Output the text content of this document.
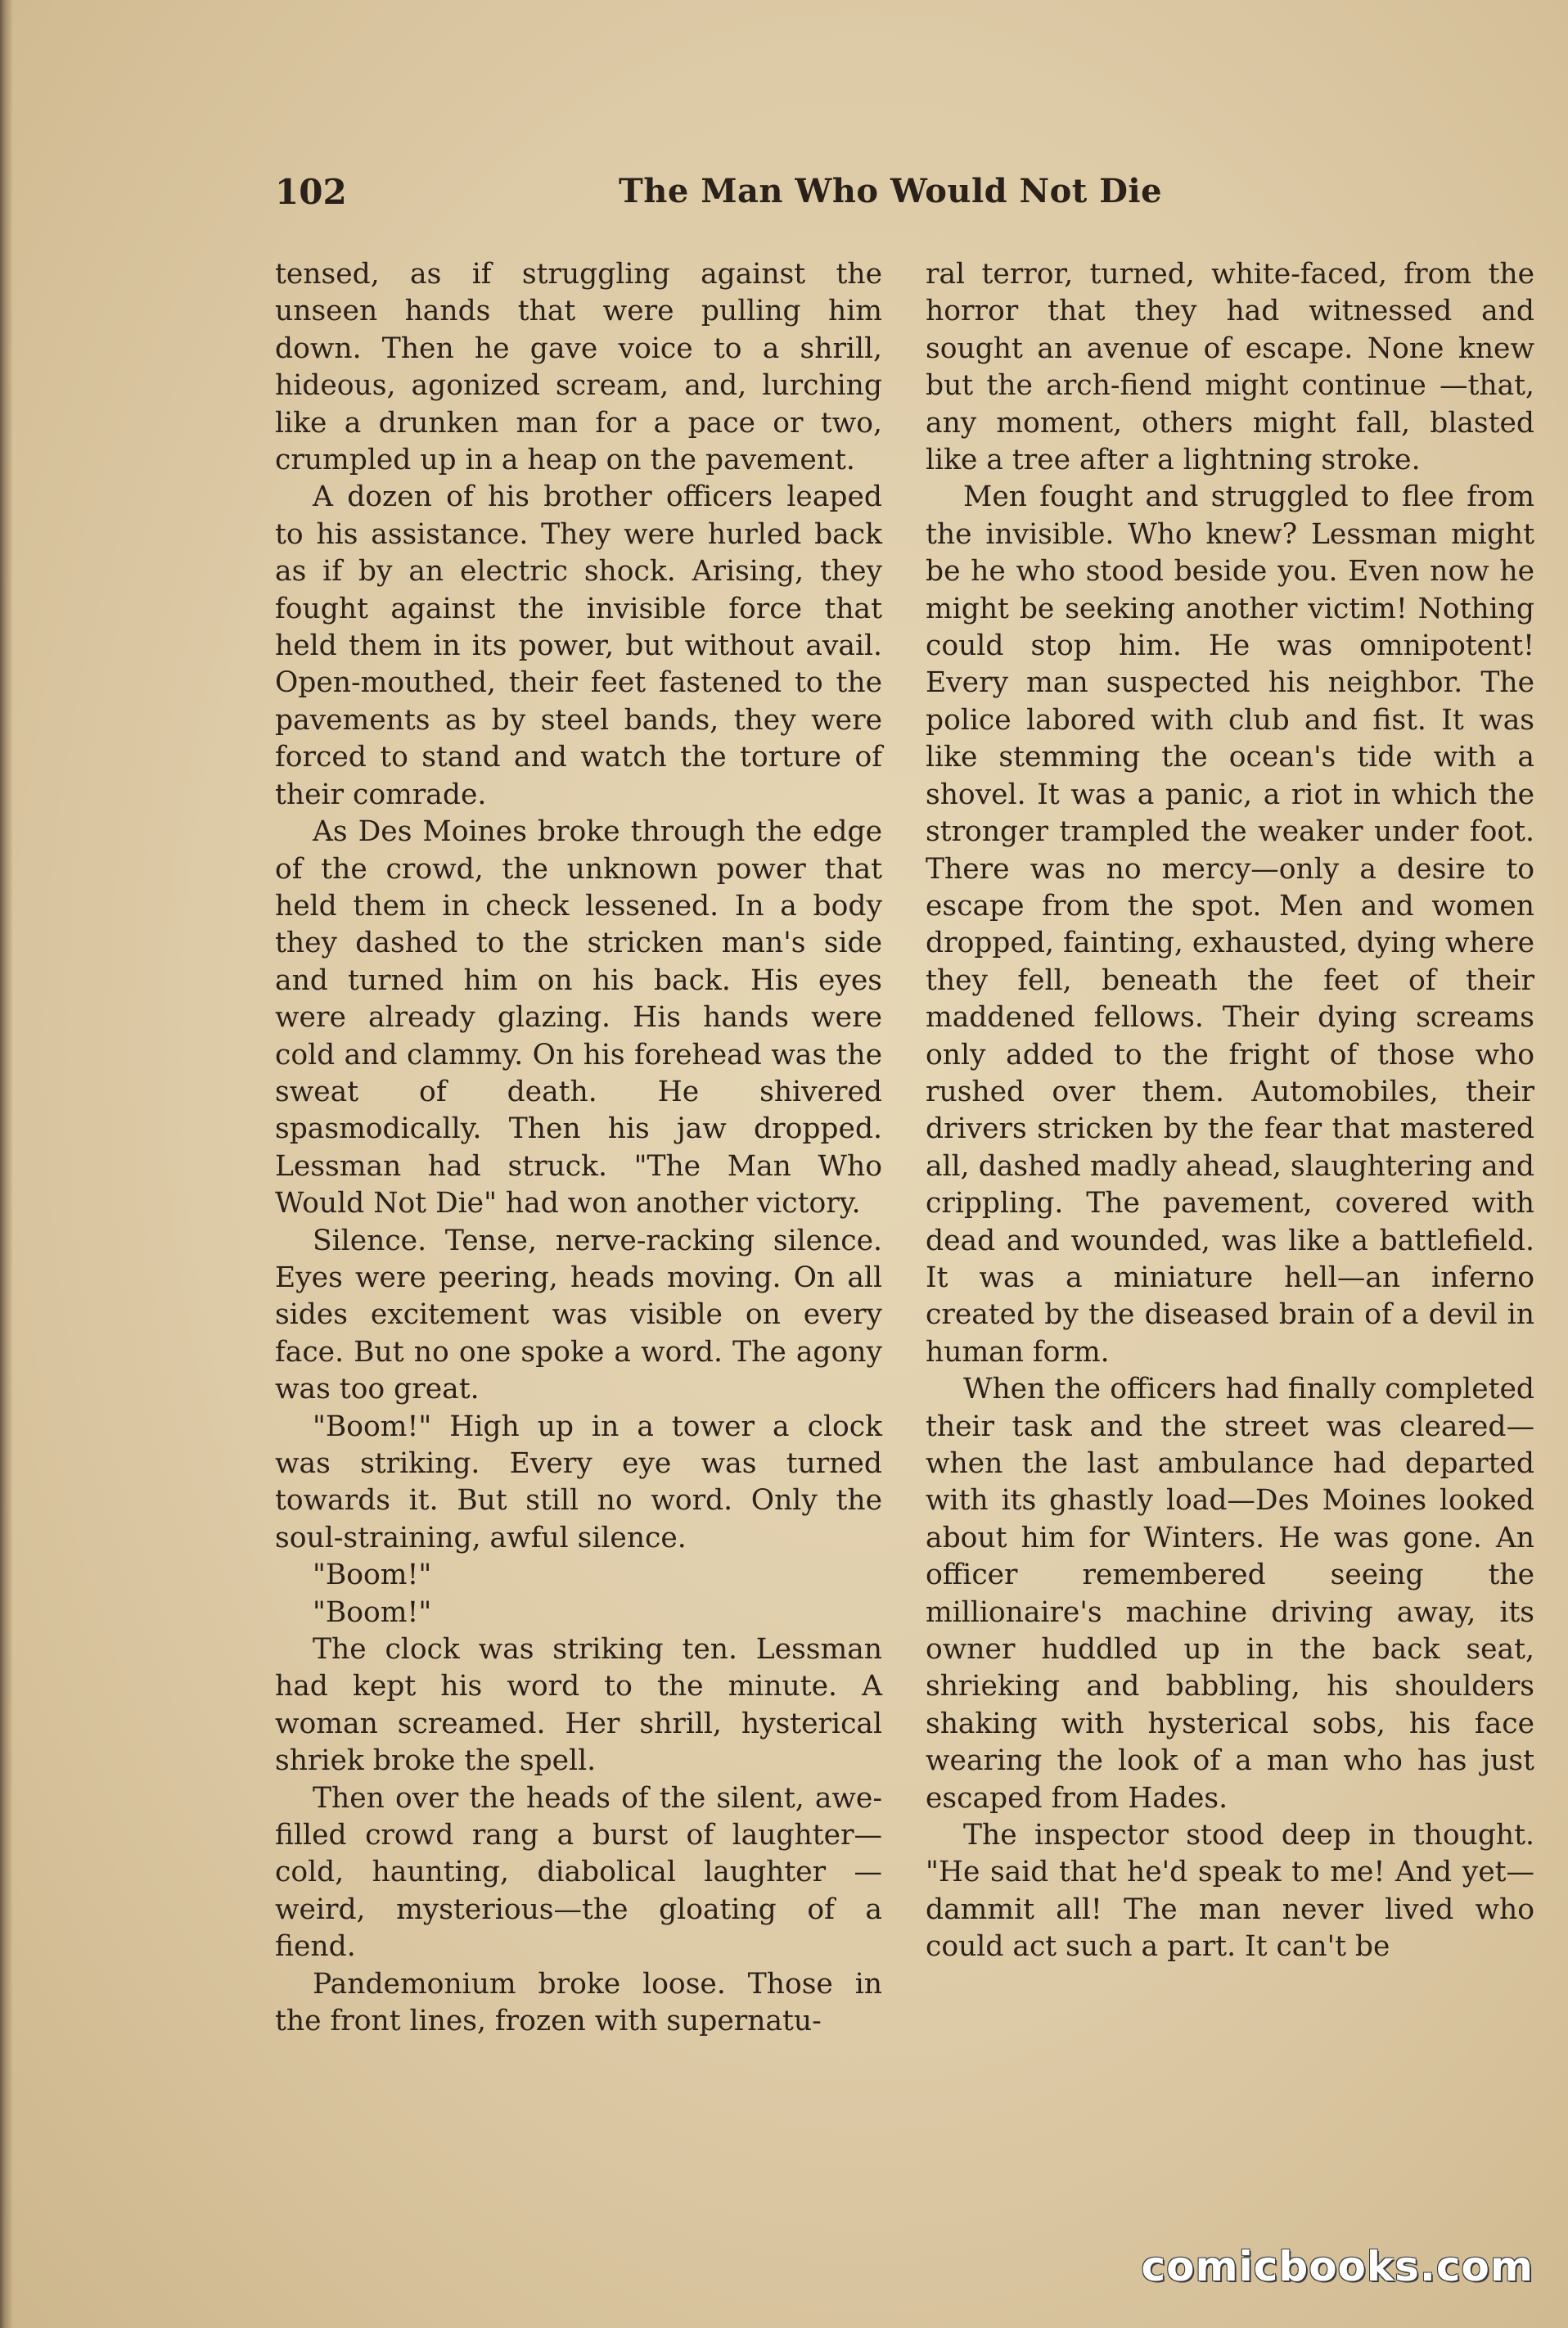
102	The Man Who Would Not Die

tensed, as if struggling against the unseen hands that were pulling him down. Then he gave voice to a shrill, hideous, agonized scream, and, lurching like a drunken man for a pace or two, crumpled up in a heap on the pavement.

A dozen of his brother officers leaped to his assistance. They were hurled back as if by an electric shock. Arising, they fought against the invisible force that held them in its power, but without avail. Open-mouthed, their feet fastened to the pavements as by steel bands, they were forced to stand and watch the torture of their comrade.

As Des Moines broke through the edge of the crowd, the unknown power that held them in check lessened. In a body they dashed to the stricken man's side and turned him on his back. His eyes were already glazing. His hands were cold and clammy. On his forehead was the sweat of death. He shivered spasmodically. Then his jaw dropped. Lessman had struck. "The Man Who Would Not Die" had won another victory.

Silence. Tense, nerve-racking silence. Eyes were peering, heads moving. On all sides excitement was visible on every face. But no one spoke a word. The agony was too great.

"Boom!" High up in a tower a clock was striking. Every eye was turned towards it. But still no word. Only the soul-straining, awful silence.

"Boom!"

"Boom!"

The clock was striking ten. Lessman had kept his word to the minute. A woman screamed. Her shrill, hysterical shriek broke the spell.

Then over the heads of the silent, awe-filled crowd rang a burst of laughter—cold, haunting, diabolical laughter —weird, mysterious—the gloating of a fiend.

Pandemonium broke loose. Those in the front lines, frozen with supernatu-

ral terror, turned, white-faced, from the horror that they had witnessed and sought an avenue of escape. None knew but the arch-fiend might continue —that, any moment, others might fall, blasted like a tree after a lightning stroke.

Men fought and struggled to flee from the invisible. Who knew? Lessman might be he who stood beside you. Even now he might be seeking another victim! Nothing could stop him. He was omnipotent! Every man suspected his neighbor. The police labored with club and fist. It was like stemming the ocean's tide with a shovel. It was a panic, a riot in which the stronger trampled the weaker under foot. There was no mercy—only a desire to escape from the spot. Men and women dropped, fainting, exhausted, dying where they fell, beneath the feet of their maddened fellows. Their dying screams only added to the fright of those who rushed over them. Automobiles, their drivers stricken by the fear that mastered all, dashed madly ahead, slaughtering and crippling. The pavement, covered with dead and wounded, was like a battlefield. It was a miniature hell—an inferno created by the diseased brain of a devil in human form.

When the officers had finally completed their task and the street was cleared—when the last ambulance had departed with its ghastly load—Des Moines looked about him for Winters. He was gone. An officer remembered seeing the millionaire's machine driving away, its owner huddled up in the back seat, shrieking and babbling, his shoulders shaking with hysterical sobs, his face wearing the look of a man who has just escaped from Hades.

The inspector stood deep in thought. "He said that he'd speak to me! And yet—dammit all! The man never lived who could act such a part. It can't be

comicbooks.com
